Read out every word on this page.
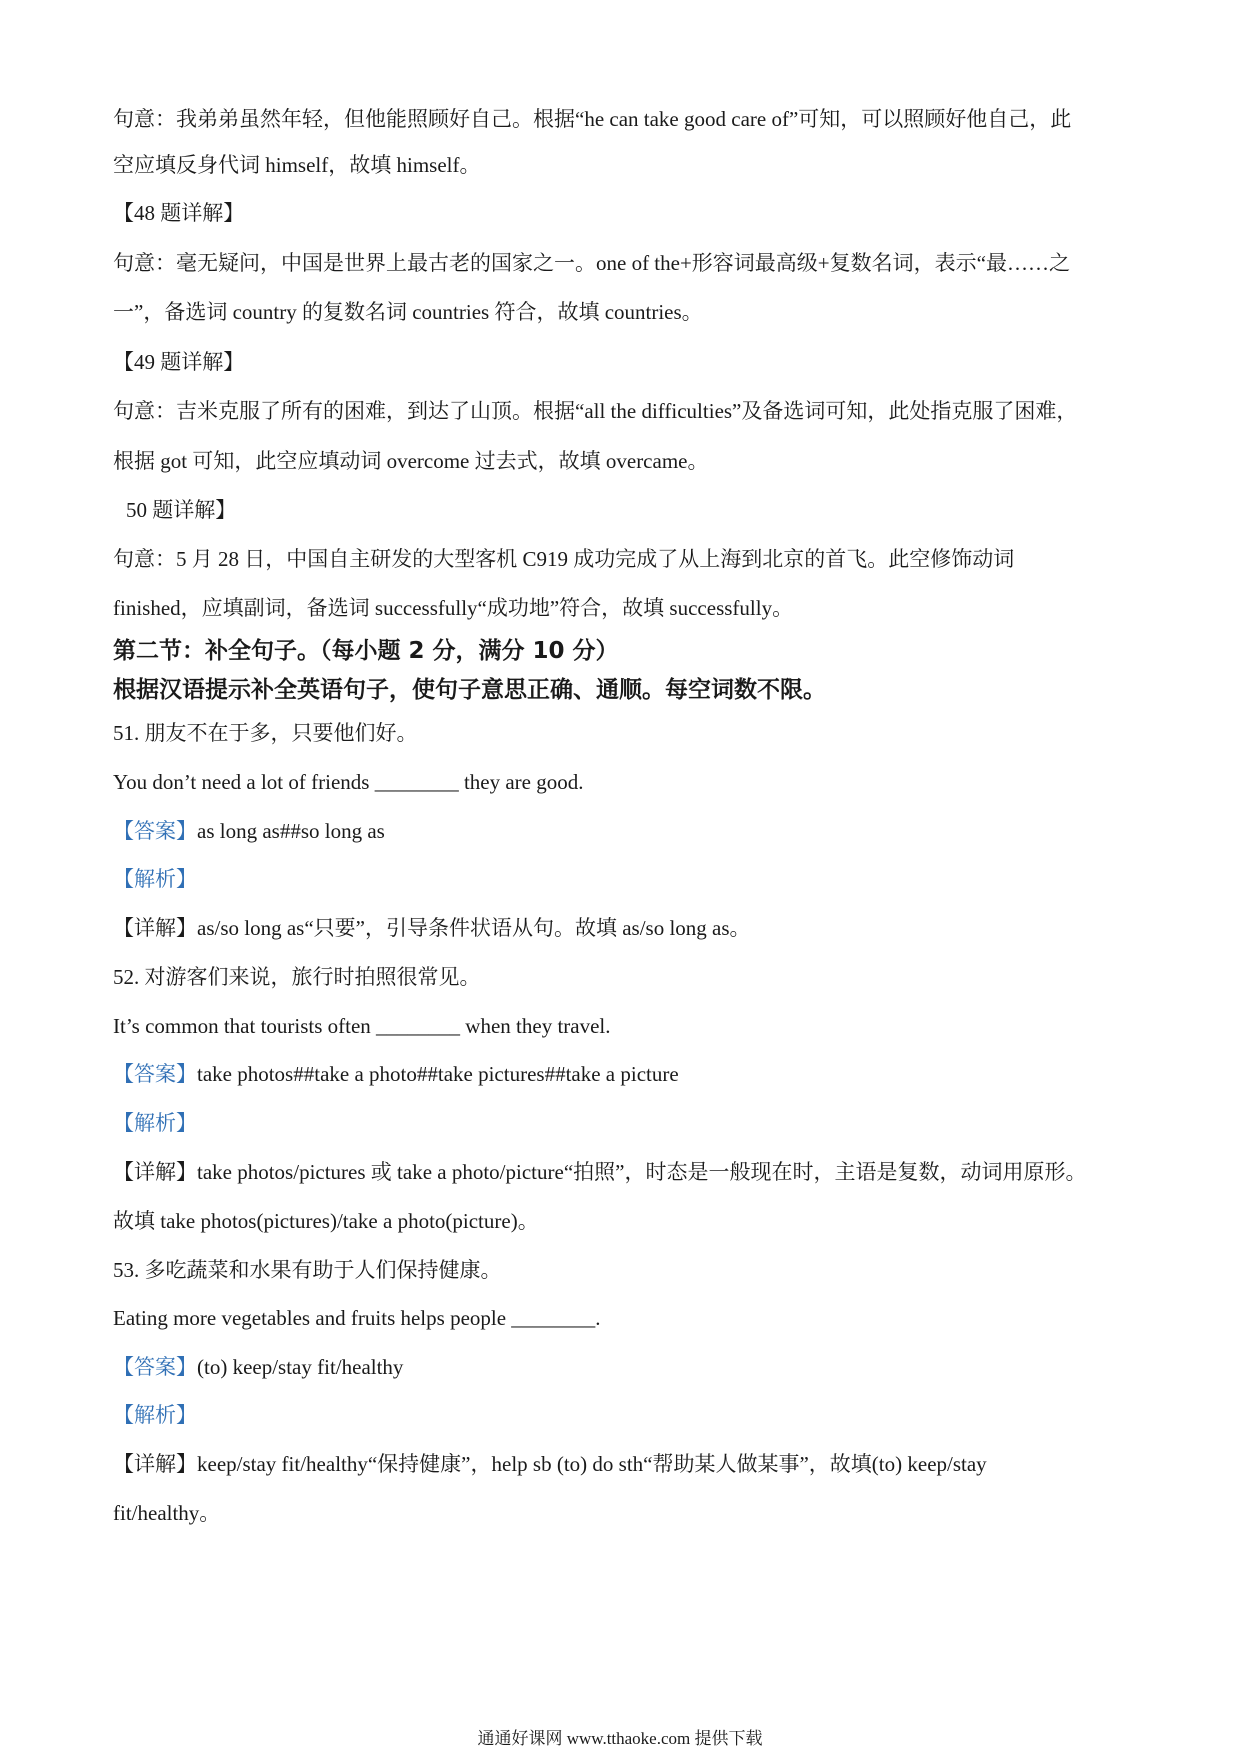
句意：我弟弟虽然年轻，但他能照顾好自己。根据“he can take good care of”可知，可以照顾好他自己，此
空应填反身代词 himself，故填 himself。
【48 题详解】
句意：毫无疑问，中国是世界上最古老的国家之一。one of the+形容词最高级+复数名词，表示“最……之
一”，备选词 country 的复数名词 countries 符合，故填 countries。
【49 题详解】
句意：吉米克服了所有的困难，到达了山顶。根据“all the difficulties”及备选词可知，此处指克服了困难，
根据 got 可知，此空应填动词 overcome 过去式，故填 overcame。
50 题详解】
句意：5 月 28 日，中国自主研发的大型客机 C919 成功完成了从上海到北京的首飞。此空修饰动词
finished，应填副词，备选词 successfully“成功地”符合，故填 successfully。
第二节：补全句子。（每小题 2 分，满分 10 分）
根据汉语提示补全英语句子，使句子意思正确、通顺。每空词数不限。
51. 朋友不在于多，只要他们好。
You don’t need a lot of friends ________ they are good.
【答案】as long as##so long as
【解析】
【详解】as/so long as“只要”，引导条件状语从句。故填 as/so long as。
52. 对游客们来说，旅行时拍照很常见。
It’s common that tourists often ________ when they travel.
【答案】take photos##take a photo##take pictures##take a picture
【解析】
【详解】take photos/pictures 或 take a photo/picture“拍照”，时态是一般现在时，主语是复数，动词用原形。
故填 take photos(pictures)/take a photo(picture)。
53. 多吃蔬菜和水果有助于人们保持健康。
Eating more vegetables and fruits helps people ________.
【答案】(to) keep/stay fit/healthy
【解析】
【详解】keep/stay fit/healthy“保持健康”，help sb (to) do sth“帮助某人做某事”，故填(to) keep/stay
fit/healthy。
通通好课网 www.tthaoke.com 提供下载
